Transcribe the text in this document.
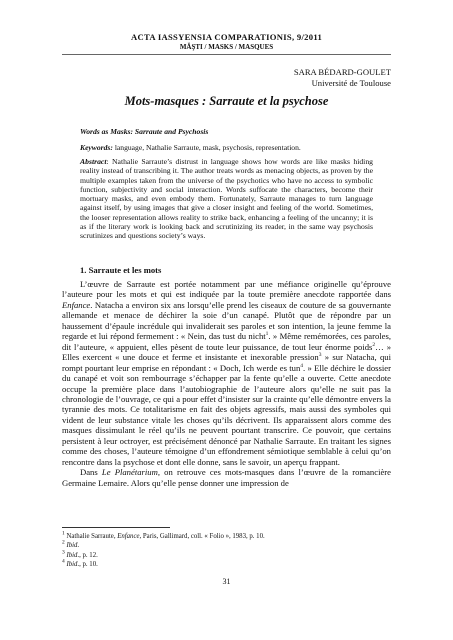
ACTA IASSYENSIA COMPARATIONIS, 9/2011
MĂŞTI / MASKS / MASQUES
SARA BÉDARD-GOULET
Université de Toulouse
Mots-masques : Sarraute et la psychose
Words as Masks: Sarraute and Psychosis
Keywords: language, Nathalie Sarraute, mask, psychosis, representation.
Abstract: Nathalie Sarraute’s distrust in language shows how words are like masks hiding reality instead of transcribing it. The author treats words as menacing objects, as proven by the multiple examples taken from the universe of the psychotics who have no access to symbolic function, subjectivity and social interaction. Words suffocate the characters, become their mortuary masks, and even embody them. Fortunately, Sarraute manages to turn language against itself, by using images that give a closer insight and feeling of the world. Sometimes, the looser representation allows reality to strike back, enhancing a feeling of the uncanny; it is as if the literary work is looking back and scrutinizing its reader, in the same way psychosis scrutinizes and questions society’s ways.
1. Sarraute et les mots

L’œuvre de Sarraute est portée notamment par une méfiance originelle qu’éprouve l’auteure pour les mots et qui est indiquée par la toute première anecdote rapportée dans Enfance. Natacha a environ six ans lorsqu’elle prend les ciseaux de couture de sa gouvernante allemande et menace de déchirer la soie d’un canapé. Plutôt que de répondre par un haussement d’épaule incrédule qui invaliderait ses paroles et son intention, la jeune femme la regarde et lui répond fermement : « Nein, das tust du nicht$^1$. » Même remémorées, ces paroles, dit l’auteure, « appuient, elles pèsent de toute leur puissance, de tout leur énorme poids$^2$… » Elles exercent « une douce et ferme et insistante et inexorable pression$^3$ » sur Natacha, qui rompt pourtant leur emprise en répondant : « Doch, Ich werde es tun$^4$. » Elle déchire le dossier du canapé et voit son rembourrage s’échapper par la fente qu’elle a ouverte. Cette anecdote occupe la première place dans l’autobiographie de l’auteure alors qu’elle ne suit pas la chronologie de l’ouvrage, ce qui a pour effet d’insister sur la crainte qu’elle démontre envers la tyrannie des mots. Ce totalitarisme en fait des objets agressifs, mais aussi des symboles qui vident de leur substance vitale les choses qu’ils décrivent. Ils apparaissent alors comme des masques dissimulant le réel qu’ils ne peuvent pourtant transcrire. Ce pouvoir, que certains persistent à leur octroyer, est précisément dénoncé par Nathalie Sarraute. En traitant les signes comme des choses, l’auteure témoigne d’un effondrement sémiotique semblable à celui qu’on rencontre dans la psychose et dont elle donne, sans le savoir, un aperçu frappant.

Dans Le Planétarium, on retrouve ces mots-masques dans l’œuvre de la romancière Germaine Lemaire. Alors qu’elle pense donner une impression de

$^1$ Nathalie Sarraute, Enfance, Paris, Gallimard, coll. « Folio », 1983, p. 10.
$^2$ Ibid.
$^3$ Ibid., p. 12.
$^4$ Ibid., p. 10.
31
